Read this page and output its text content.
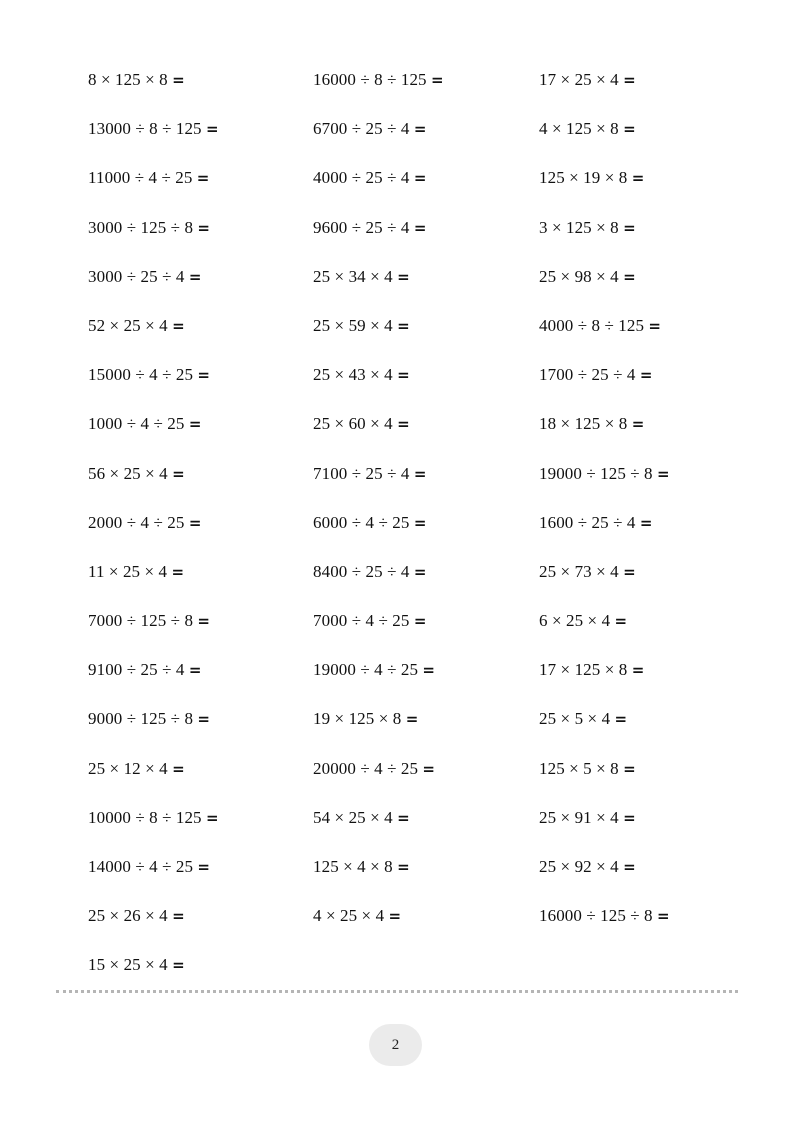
8 × 125 × 8 =	16000 ÷ 8 ÷ 125 =	17 × 25 × 4 =
13000 ÷ 8 ÷ 125 =	6700 ÷ 25 ÷ 4 =	4 × 125 × 8 =
11000 ÷ 4 ÷ 25 =	4000 ÷ 25 ÷ 4 =	125 × 19 × 8 =
3000 ÷ 125 ÷ 8 =	9600 ÷ 25 ÷ 4 =	3 × 125 × 8 =
3000 ÷ 25 ÷ 4 =	25 × 34 × 4 =	25 × 98 × 4 =
52 × 25 × 4 =	25 × 59 × 4 =	4000 ÷ 8 ÷ 125 =
15000 ÷ 4 ÷ 25 =	25 × 43 × 4 =	1700 ÷ 25 ÷ 4 =
1000 ÷ 4 ÷ 25 =	25 × 60 × 4 =	18 × 125 × 8 =
56 × 25 × 4 =	7100 ÷ 25 ÷ 4 =	19000 ÷ 125 ÷ 8 =
2000 ÷ 4 ÷ 25 =	6000 ÷ 4 ÷ 25 =	1600 ÷ 25 ÷ 4 =
11 × 25 × 4 =	8400 ÷ 25 ÷ 4 =	25 × 73 × 4 =
7000 ÷ 125 ÷ 8 =	7000 ÷ 4 ÷ 25 =	6 × 25 × 4 =
9100 ÷ 25 ÷ 4 =	19000 ÷ 4 ÷ 25 =	17 × 125 × 8 =
9000 ÷ 125 ÷ 8 =	19 × 125 × 8 =	25 × 5 × 4 =
25 × 12 × 4 =	20000 ÷ 4 ÷ 25 =	125 × 5 × 8 =
10000 ÷ 8 ÷ 125 =	54 × 25 × 4 =	25 × 91 × 4 =
14000 ÷ 4 ÷ 25 =	125 × 4 × 8 =	25 × 92 × 4 =
25 × 26 × 4 =	4 × 25 × 4 =	16000 ÷ 125 ÷ 8 =
15 × 25 × 4 =
2
